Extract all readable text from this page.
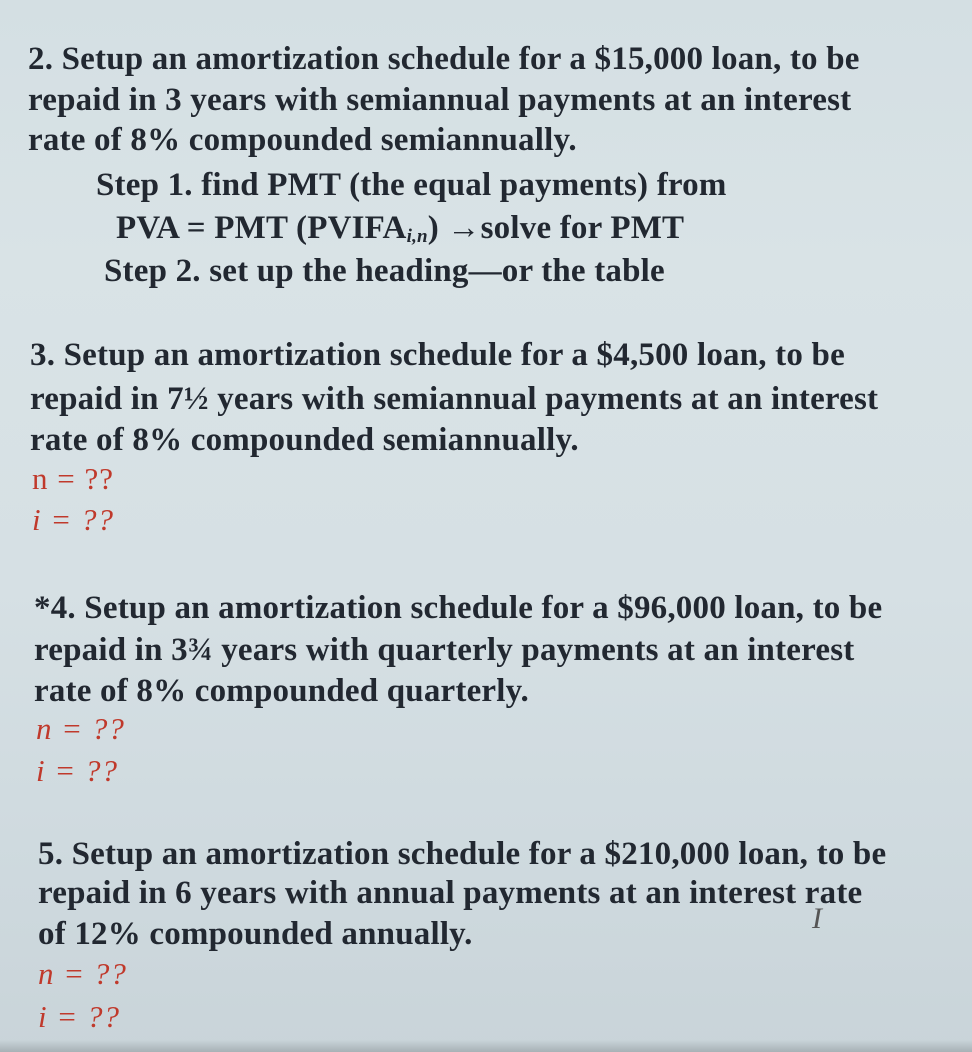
2. Setup an amortization schedule for a $15,000 loan, to be
repaid in 3 years with semiannual payments at an interest
rate of 8% compounded semiannually.
Step 1. find PMT (the equal payments) from
PVA = PMT $(PVIFA_{i,n})$ →solve for PMT
Step 2. set up the heading—or the table
3. Setup an amortization schedule for a $4,500 loan, to be
repaid in 7½ years with semiannual payments at an interest
rate of 8% compounded semiannually.
n = ??
i = ??
*4. Setup an amortization schedule for a $96,000 loan, to be
repaid in 3¾ years with quarterly payments at an interest
rate of 8% compounded quarterly.
n = ??
i = ??
5. Setup an amortization schedule for a $210,000 loan, to be
repaid in 6 years with annual payments at an interest rate
of 12% compounded annually.
n = ??
i = ??
I
